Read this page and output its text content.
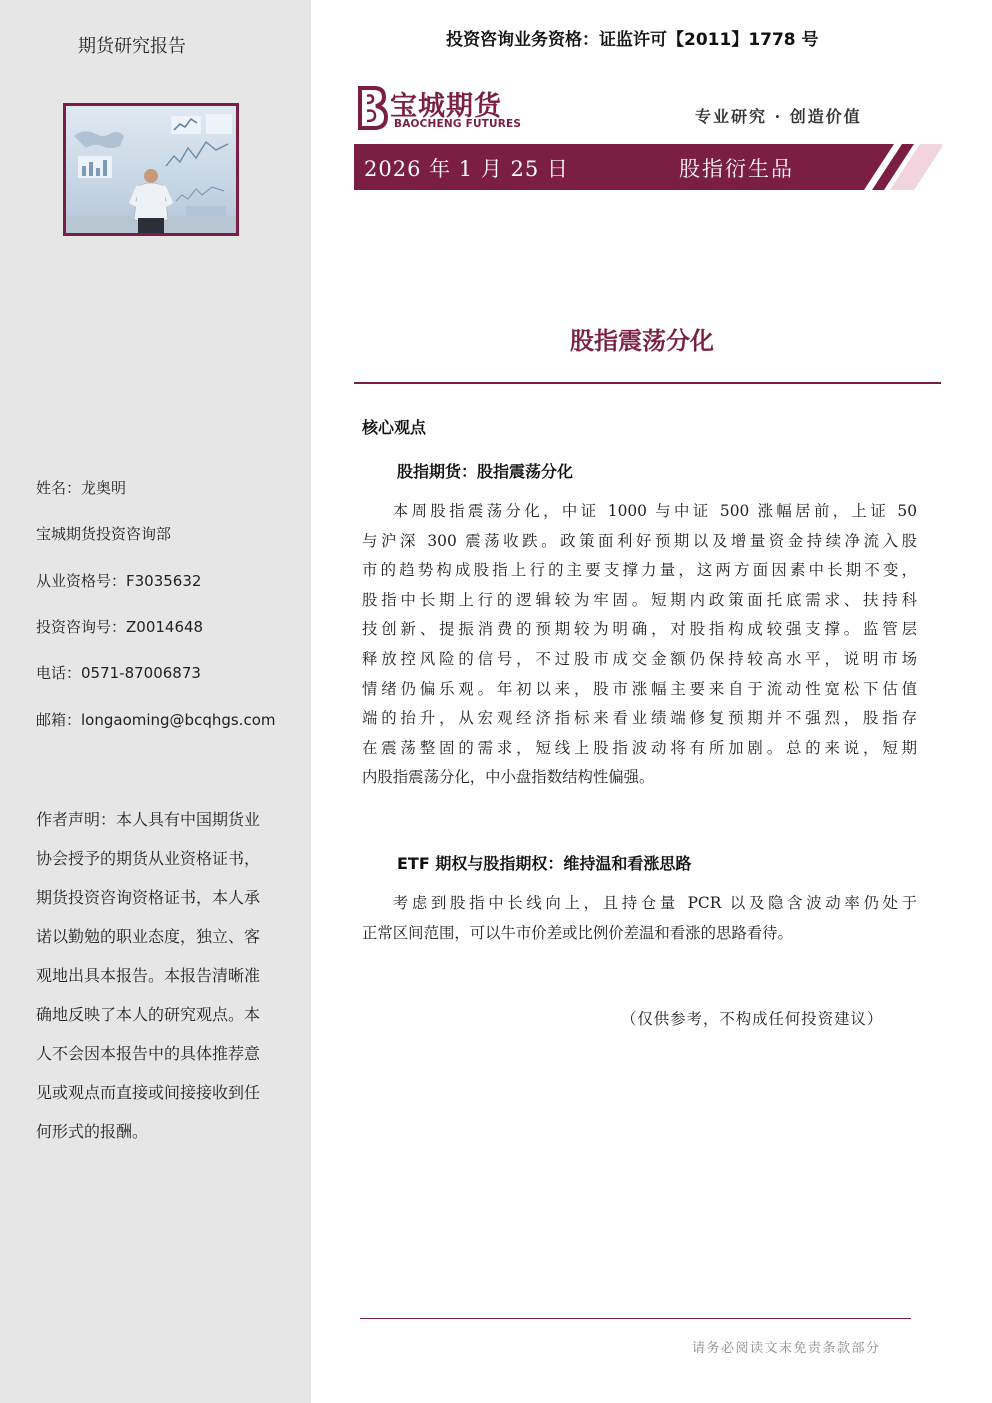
期货研究报告
姓名：龙奥明
宝城期货投资咨询部
从业资格号：F3035632
投资咨询号：Z0014648
电话：0571-87006873
邮箱：longaoming@bcqhgs.com
作者声明：本人具有中国期货业协会授予的期货从业资格证书，期货投资咨询资格证书，本人承诺以勤勉的职业态度，独立、客观地出具本报告。本报告清晰准确地反映了本人的研究观点。本人不会因本报告中的具体推荐意见或观点而直接或间接接收到任何形式的报酬。
投资咨询业务资格：证监许可【2011】1778 号
宝城期货
BAOCHENG FUTURES	专业研究 · 创造价值
2026 年 1 月 25 日	股指衍生品
股指震荡分化
核心观点
股指期货：股指震荡分化
本周股指震荡分化，中证 1000 与中证 500 涨幅居前，上证 50
与沪深 300 震荡收跌。政策面利好预期以及增量资金持续净流入股
市的趋势构成股指上行的主要支撑力量，这两方面因素中长期不变，
股指中长期上行的逻辑较为牢固。短期内政策面托底需求、扶持科
技创新、提振消费的预期较为明确，对股指构成较强支撑。监管层
释放控风险的信号，不过股市成交金额仍保持较高水平，说明市场
情绪仍偏乐观。年初以来，股市涨幅主要来自于流动性宽松下估值
端的抬升，从宏观经济指标来看业绩端修复预期并不强烈，股指存
在震荡整固的需求，短线上股指波动将有所加剧。总的来说，短期
内股指震荡分化，中小盘指数结构性偏强。
ETF 期权与股指期权：维持温和看涨思路
考虑到股指中长线向上，且持仓量 PCR 以及隐含波动率仍处于
正常区间范围，可以牛市价差或比例价差温和看涨的思路看待。
（仅供参考，不构成任何投资建议）
请务必阅读文末免责条款部分
